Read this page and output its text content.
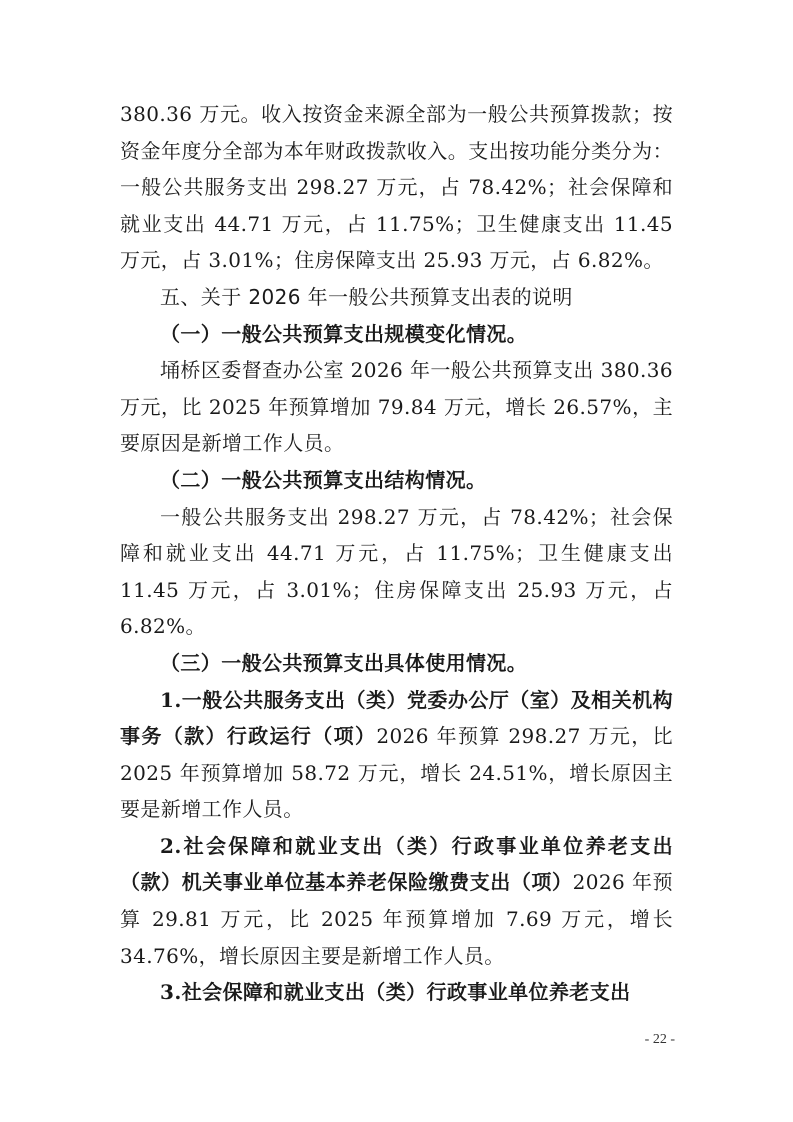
380.36 万元。收入按资金来源全部为一般公共预算拨款；按资金年度分全部为本年财政拨款收入。支出按功能分类分为：一般公共服务支出 298.27 万元，占 78.42%；社会保障和就业支出 44.71 万元，占 11.75%；卫生健康支出 11.45 万元，占 3.01%；住房保障支出 25.93 万元，占 6.82%。

五、关于 2026 年一般公共预算支出表的说明

（一）一般公共预算支出规模变化情况。

埇桥区委督查办公室 2026 年一般公共预算支出 380.36 万元，比 2025 年预算增加 79.84 万元，增长 26.57%，主要原因是新增工作人员。

（二）一般公共预算支出结构情况。

一般公共服务支出 298.27 万元，占 78.42%；社会保障和就业支出 44.71 万元，占 11.75%；卫生健康支出 11.45 万元，占 3.01%；住房保障支出 25.93 万元，占 6.82%。

（三）一般公共预算支出具体使用情况。

1.一般公共服务支出（类）党委办公厅（室）及相关机构事务（款）行政运行（项）2026 年预算 298.27 万元，比 2025 年预算增加 58.72 万元，增长 24.51%，增长原因主要是新增工作人员。

2.社会保障和就业支出（类）行政事业单位养老支出（款）机关事业单位基本养老保险缴费支出（项）2026 年预算 29.81 万元，比 2025 年预算增加 7.69 万元，增长 34.76%，增长原因主要是新增工作人员。

3.社会保障和就业支出（类）行政事业单位养老支出

- 22 -
